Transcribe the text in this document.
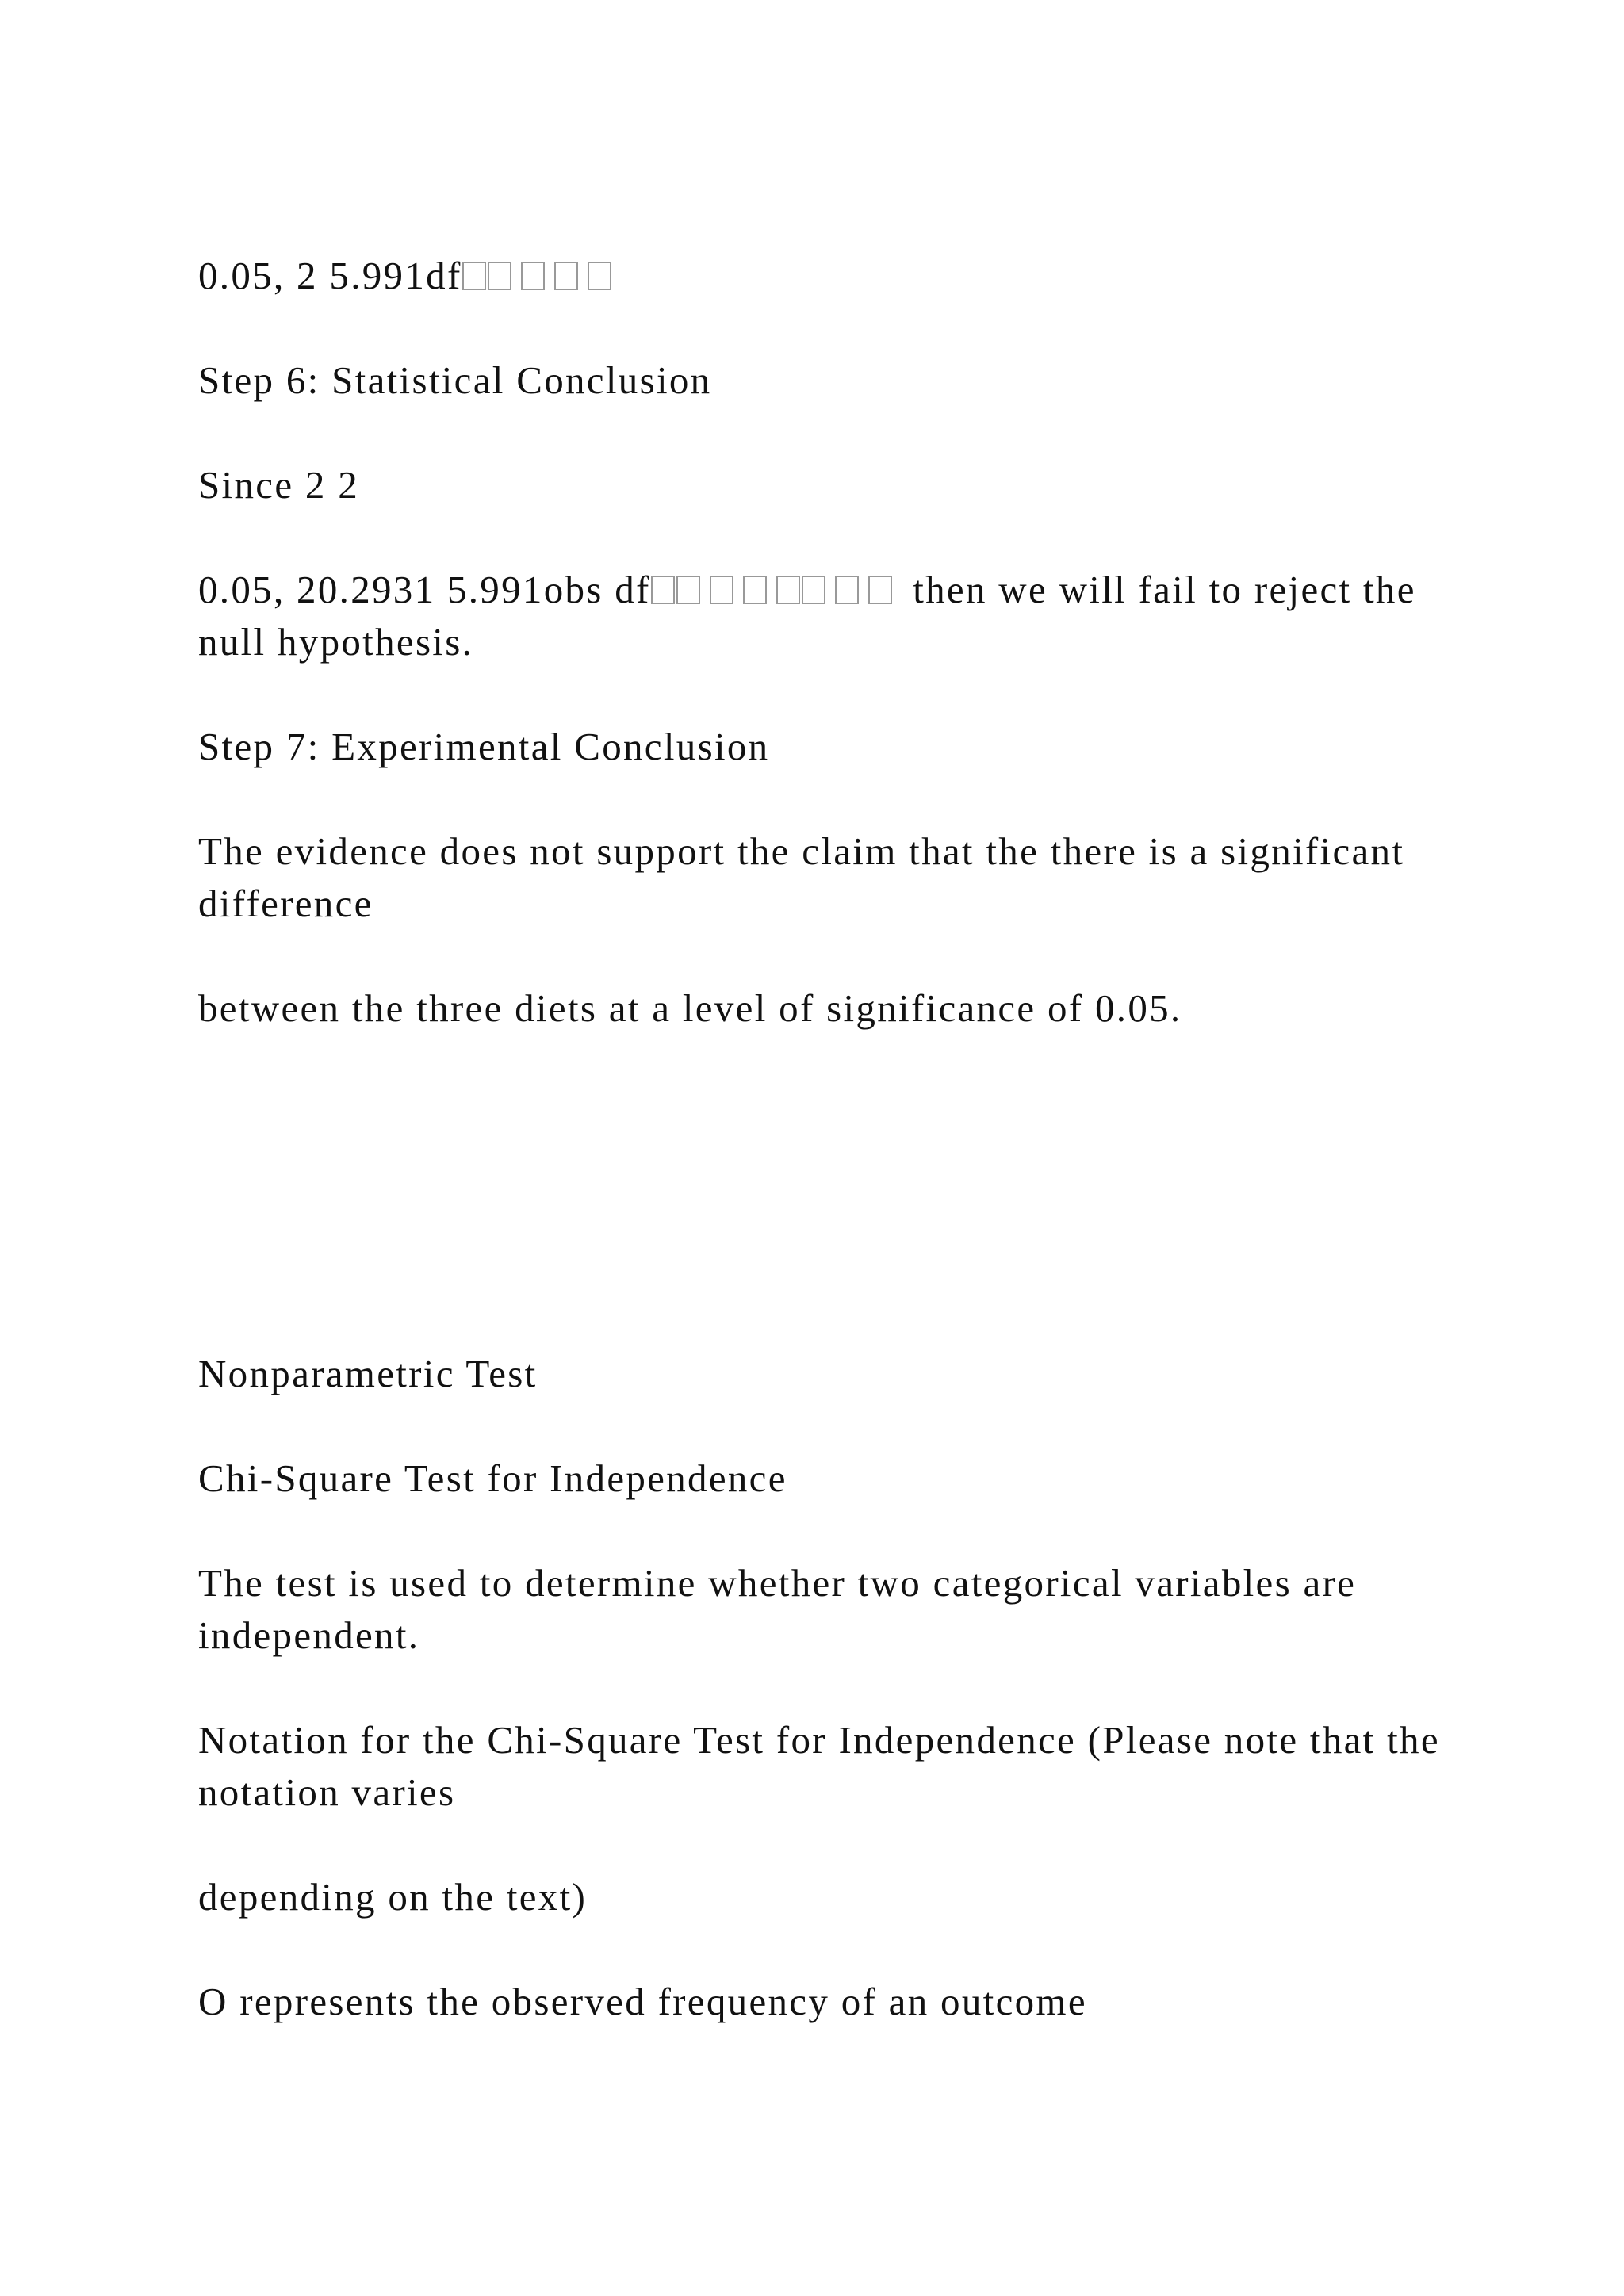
0.05, 2 5.991df

Step 6: Statistical Conclusion

Since 2 2

0.05, 20.2931 5.991obs df	then we will fail to reject the null hypothesis.

Step 7: Experimental Conclusion

The evidence does not support the claim that the there is a significant difference

between the three diets at a level of significance of 0.05.

Nonparametric Test

Chi-Square Test for Independence

The test is used to determine whether two categorical variables are independent.

Notation for the Chi-Square Test for Independence (Please note that the notation varies

depending on the text)

O represents the observed frequency of an outcome
